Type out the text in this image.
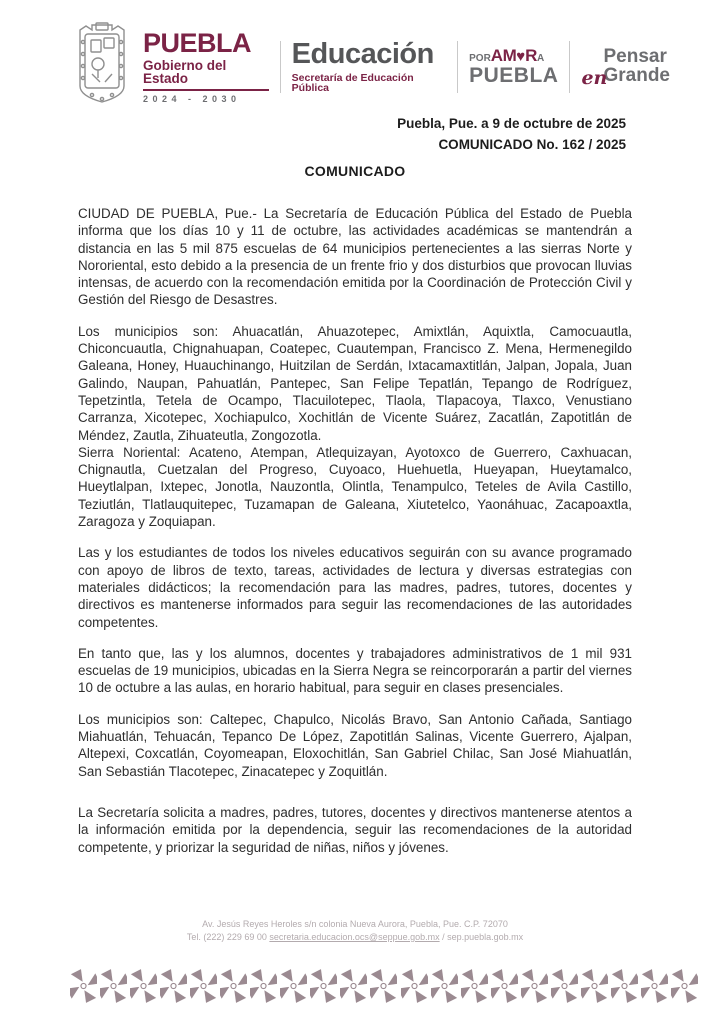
PUEBLA
Gobierno del Estado
2024 - 2030
Educación
Secretaría de Educación Pública
POR AM ♥ R A
PUEBLA
Pensar
en
Grande
Puebla, Pue. a 9 de octubre de 2025
COMUNICADO No. 162 / 2025
COMUNICADO

CIUDAD DE PUEBLA, Pue.- La Secretaría de Educación Pública del Estado de Puebla informa que los días 10 y 11 de octubre, las actividades académicas se mantendrán a distancia en las 5 mil 875 escuelas de 64 municipios pertenecientes a las sierras Norte y Nororiental, esto debido a la presencia de un frente frio y dos disturbios que provocan lluvias intensas, de acuerdo con la recomendación emitida por la Coordinación de Protección Civil y Gestión del Riesgo de Desastres.

Los municipios son: Ahuacatlán, Ahuazotepec, Amixtlán, Aquixtla, Camocuautla, Chiconcuautla, Chignahuapan, Coatepec, Cuautempan, Francisco Z. Mena, Hermenegildo Galeana, Honey, Huauchinango, Huitzilan de Serdán, Ixtacamaxtitlán, Jalpan, Jopala, Juan Galindo, Naupan, Pahuatlán, Pantepec, San Felipe Tepatlán, Tepango de Rodríguez, Tepetzintla, Tetela de Ocampo, Tlacuilotepec, Tlaola, Tlapacoya, Tlaxco, Venustiano Carranza, Xicotepec, Xochiapulco, Xochitlán de Vicente Suárez, Zacatlán, Zapotitlán de Méndez, Zautla, Zihuateutla, Zongozotla.
Sierra Noriental: Acateno, Atempan, Atlequizayan, Ayotoxco de Guerrero, Caxhuacan, Chignautla, Cuetzalan del Progreso, Cuyoaco, Huehuetla, Hueyapan, Hueytamalco, Hueytlalpan, Ixtepec, Jonotla, Nauzontla, Olintla, Tenampulco, Teteles de Avila Castillo, Teziutlán, Tlatlauquitepec, Tuzamapan de Galeana, Xiutetelco, Yaonáhuac, Zacapoaxtla, Zaragoza y Zoquiapan.

Las y los estudiantes de todos los niveles educativos seguirán con su avance programado con apoyo de libros de texto, tareas, actividades de lectura y diversas estrategias con materiales didácticos; la recomendación para las madres, padres, tutores, docentes y directivos es mantenerse informados para seguir las recomendaciones de las autoridades competentes.

En tanto que, las y los alumnos, docentes y trabajadores administrativos de 1 mil 931 escuelas de 19 municipios, ubicadas en la Sierra Negra se reincorporarán a partir del viernes 10 de octubre a las aulas, en horario habitual, para seguir en clases presenciales.

Los municipios son: Caltepec, Chapulco, Nicolás Bravo, San Antonio Cañada, Santiago Miahuatlán, Tehuacán, Tepanco De López, Zapotitlán Salinas, Vicente Guerrero, Ajalpan, Altepexi, Coxcatlán, Coyomeapan, Eloxochitlán, San Gabriel Chilac, San José Miahuatlán, San Sebastián Tlacotepec, Zinacatepec y Zoquitlán.

La Secretaría solicita a madres, padres, tutores, docentes y directivos mantenerse atentos a la información emitida por la dependencia, seguir las recomendaciones de la autoridad competente, y priorizar la seguridad de niñas, niños y jóvenes.

Av. Jesús Reyes Heroles s/n colonia Nueva Aurora, Puebla, Pue. C.P. 72070
Tel. (222) 229 69 00 secretaria.educacion.ocs@seppue.gob.mx / sep.puebla.gob.mx
